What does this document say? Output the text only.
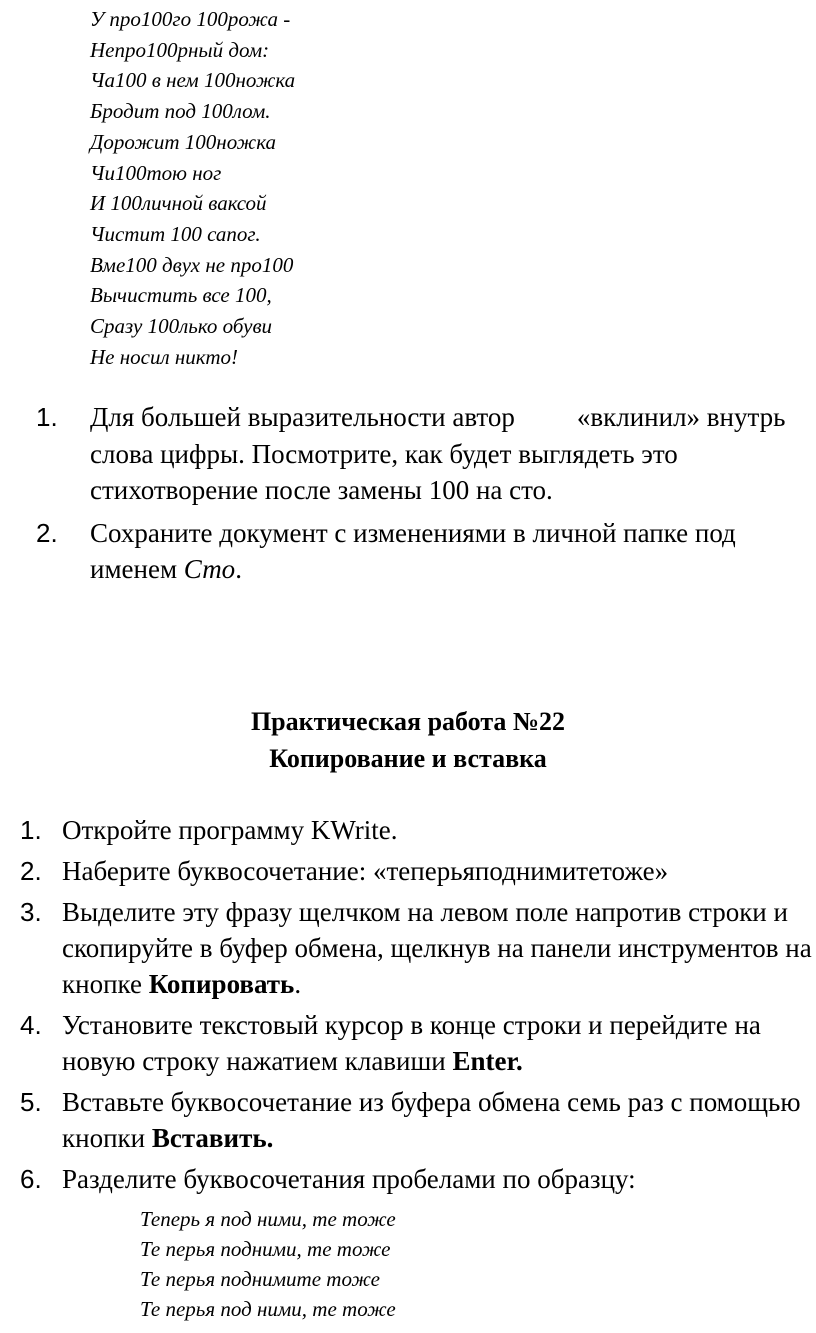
У про100го 100рожа -
Непро100рный дом:
Ча100 в нем 100ножка
Бродит под 100лом.
Дорожит 100ножка
Чи100тою ног
И 100личной ваксой
Чистит 100 сапог.
Вме100 двух не про100
Вычистить все 100,
Сразу 100лько обуви
Не носил никто!
1. Для большей выразительности автор «вклинил» внутрь слова цифры. Посмотрите, как будет выглядеть это стихотворение после замены 100 на сто.
2. Сохраните документ с изменениями в личной папке под именем Сто.
Практическая работа №22
Копирование и вставка
1. Откройте программу KWrite.
2. Наберите буквосочетание: «теперьяподнимитетоже»
3. Выделите эту фразу щелчком на левом поле напротив строки и скопируйте в буфер обмена, щелкнув на панели инструментов на кнопке Копировать.
4. Установите текстовый курсор в конце строки и перейдите на новую строку нажатием клавиши Enter.
5. Вставьте буквосочетание из буфера обмена семь раз с помощью кнопки Вставить.
6. Разделите буквосочетания пробелами по образцу:
Теперь я под ними, те тоже
Те перья подними, те тоже
Те перья поднимите тоже
Те перья под ними, те тоже
